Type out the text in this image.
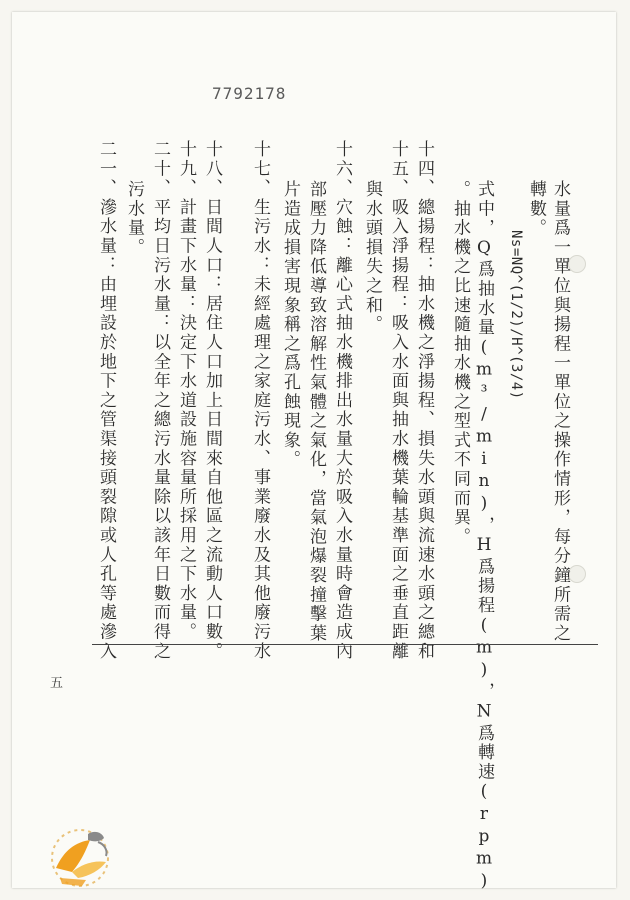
7792178
水量爲一單位與揚程一單位之操作情形，每分鐘所需之
轉數。
Ns=NQ^(1/2)/H^(3/4)
式中，Q爲抽水量(m³/min)，H爲揚程(m)，N爲轉速(rpm)
。抽水機之比速隨抽水機之型式不同而異。
十四、總揚程：抽水機之淨揚程、損失水頭與流速水頭之總和
十五、吸入淨揚程：吸入水面與抽水機葉輪基準面之垂直距離
與水頭損失之和。
十六、穴蝕：離心式抽水機排出水量大於吸入水量時會造成內
部壓力降低導致溶解性氣體之氣化，當氣泡爆裂撞擊葉
片造成損害現象稱之爲孔蝕現象。
十七、生污水：未經處理之家庭污水、事業廢水及其他廢污水
十八、日間人口：居住人口加上日間來自他區之流動人口數。
十九、計畫下水量：決定下水道設施容量所採用之下水量。
二十、平均日污水量：以全年之總污水量除以該年日數而得之
污水量。
二一、滲水量：由埋設於地下之管渠接頭裂隙或人孔等處滲入
五
